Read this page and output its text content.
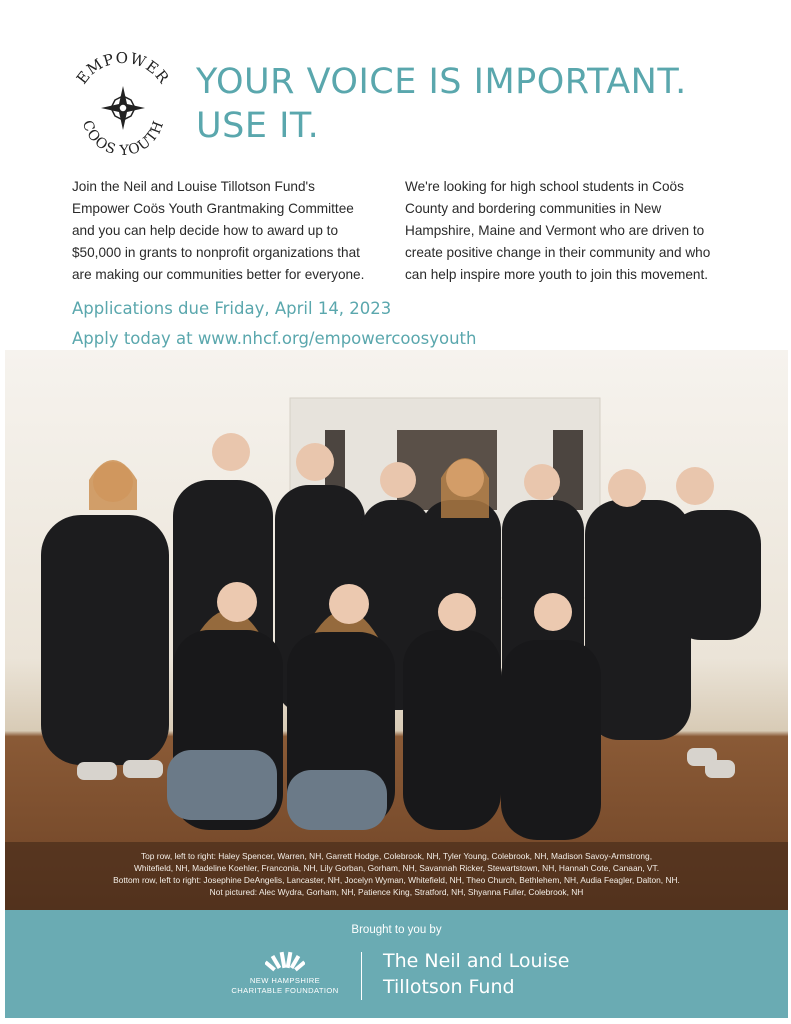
EMPOWER
COOS YOUTH
YOUR VOICE IS IMPORTANT.
USE IT.
Join the Neil and Louise Tillotson Fund's
Empower Coös Youth Grantmaking Committee
and you can help decide how to award up to
$50,000 in grants to nonprofit organizations that
are making our communities better for everyone.
We're looking for high school students in Coös
County and bordering communities in New
Hampshire, Maine and Vermont who are driven to
create positive change in their community and who
can help inspire more youth to join this movement.
Applications due Friday, April 14, 2023
Apply today at www.nhcf.org/empowercoosyouth
Top row, left to right: Haley Spencer, Warren, NH, Garrett Hodge, Colebrook, NH, Tyler Young, Colebrook, NH, Madison Savoy-Armstrong,
Whitefield, NH, Madeline Koehler, Franconia, NH, Lily Gorban, Gorham, NH, Savannah Ricker, Stewartstown, NH, Hannah Cote, Canaan, VT.
Bottom row, left to right: Josephine DeAngelis, Lancaster, NH, Jocelyn Wyman, Whitefield, NH, Theo Church, Bethlehem, NH, Audia Feagler, Dalton, NH.
Not pictured: Alec Wydra, Gorham, NH, Patience King, Stratford, NH, Shyanna Fuller, Colebrook, NH
Brought to you by
NEW HAMPSHIRE
CHARITABLE FOUNDATION
The Neil and Louise
Tillotson Fund
